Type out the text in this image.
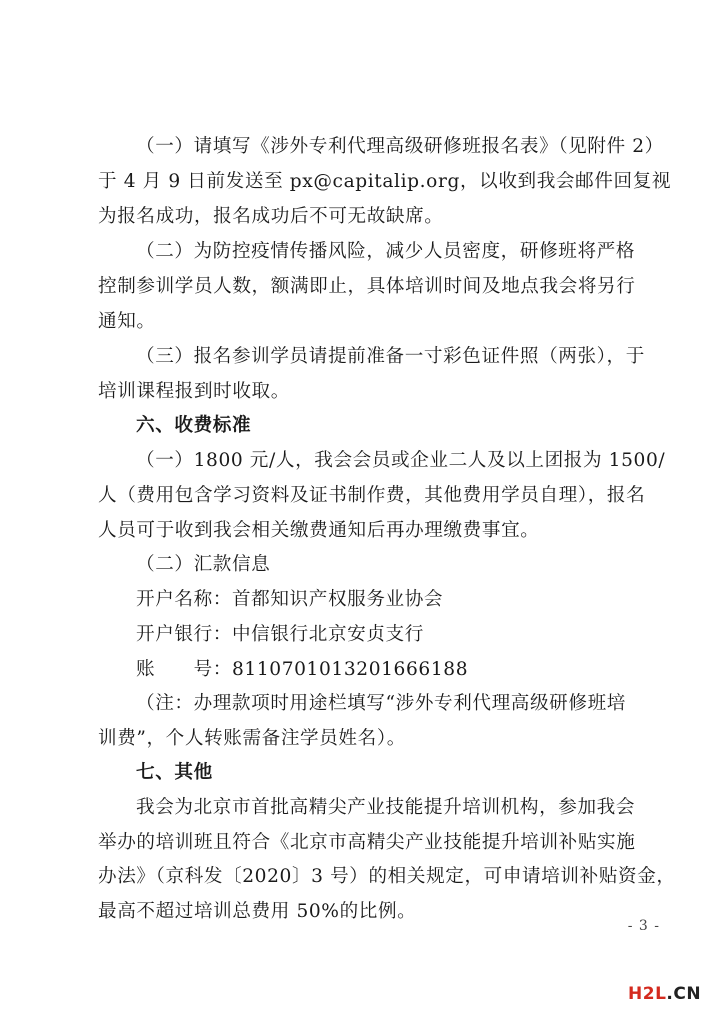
（一）请填写《涉外专利代理高级研修班报名表》（见附件 2）
于 4 月 9 日前发送至 px@capitalip.org，以收到我会邮件回复视
为报名成功，报名成功后不可无故缺席。
（二）为防控疫情传播风险，减少人员密度，研修班将严格
控制参训学员人数，额满即止，具体培训时间及地点我会将另行
通知。
（三）报名参训学员请提前准备一寸彩色证件照（两张），于
培训课程报到时收取。
六、收费标准
（一）1800 元/人，我会会员或企业二人及以上团报为 1500/
人（费用包含学习资料及证书制作费，其他费用学员自理），报名
人员可于收到我会相关缴费通知后再办理缴费事宜。
（二）汇款信息
开户名称：首都知识产权服务业协会
开户银行：中信银行北京安贞支行
账　　号：8110701013201666188
（注：办理款项时用途栏填写“涉外专利代理高级研修班培
训费”，个人转账需备注学员姓名）。
七、其他
我会为北京市首批高精尖产业技能提升培训机构，参加我会
举办的培训班且符合《北京市高精尖产业技能提升培训补贴实施
办法》（京科发〔2020〕3 号）的相关规定，可申请培训补贴资金，
最高不超过培训总费用 50%的比例。
- 3 -
H2L.CN
